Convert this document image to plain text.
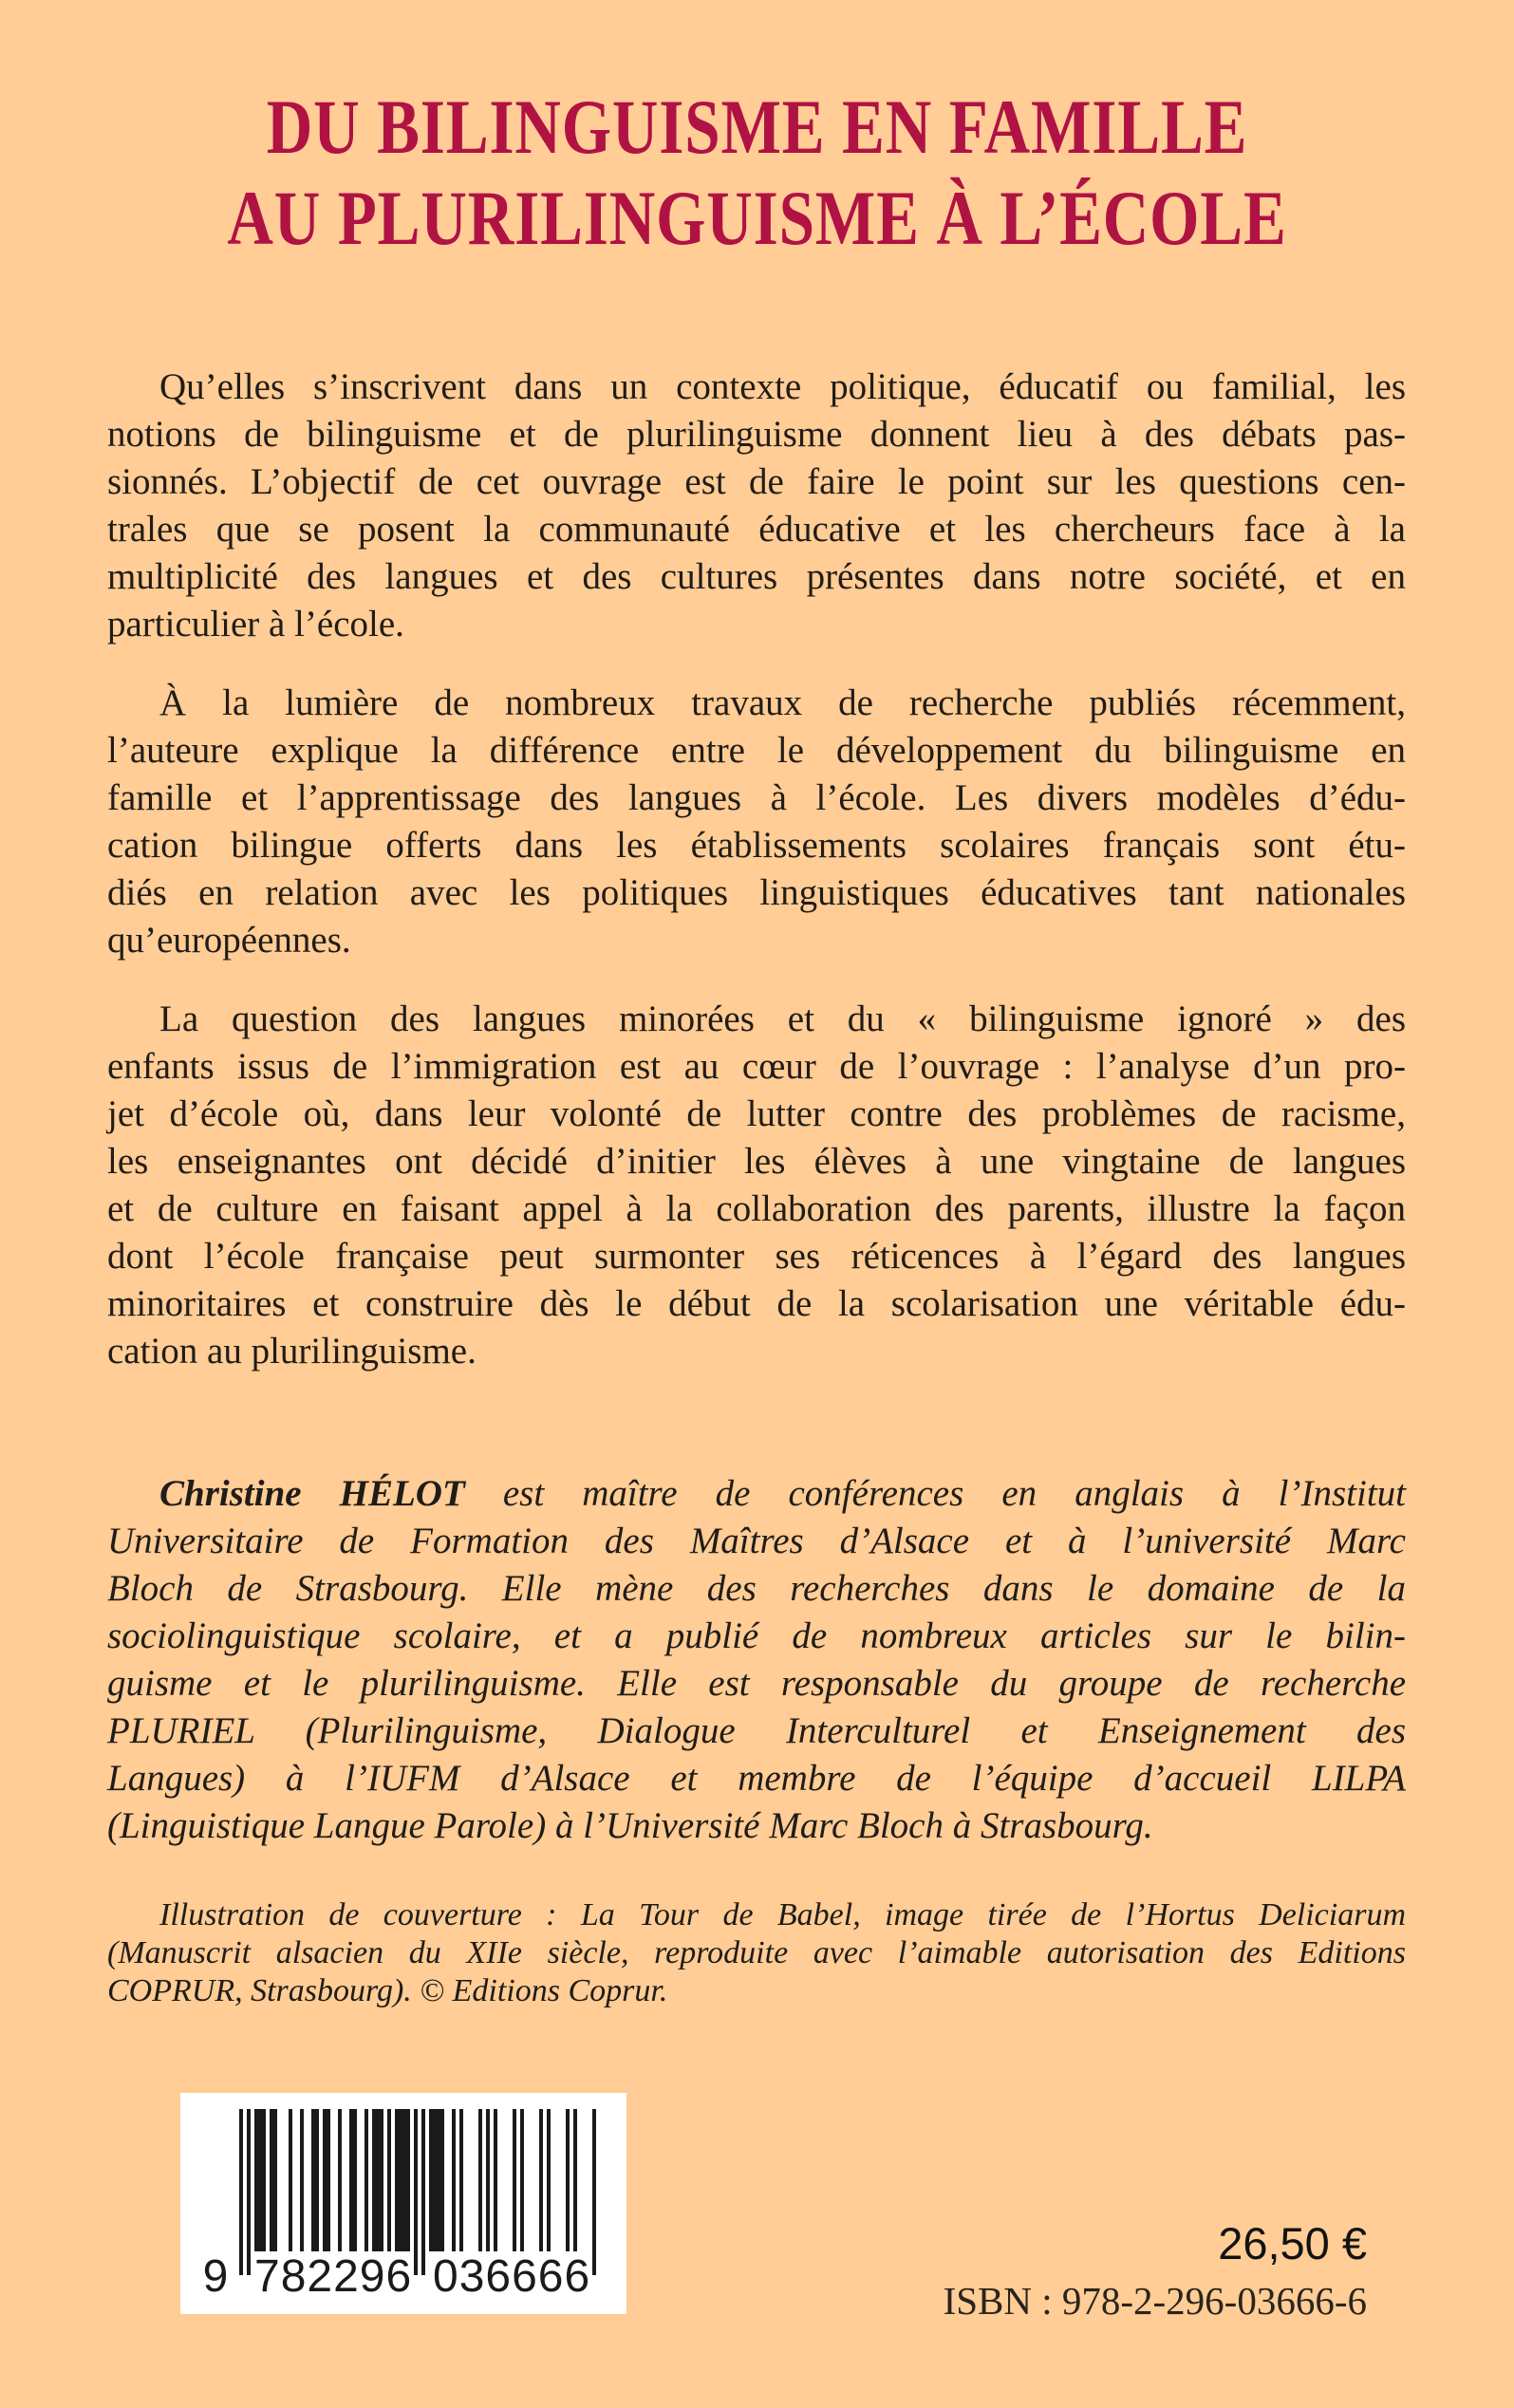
DU BILINGUISME EN FAMILLE
AU PLURILINGUISME À L’ÉCOLE
Qu’elles s’inscrivent dans un contexte politique, éducatif ou familial, les
notions de bilinguisme et de plurilinguisme donnent lieu à des débats pas-
sionnés. L’objectif de cet ouvrage est de faire le point sur les questions cen-
trales que se posent la communauté éducative et les chercheurs face à la
multiplicité des langues et des cultures présentes dans notre société, et en
particulier à l’école.
À la lumière de nombreux travaux de recherche publiés récemment,
l’auteure explique la différence entre le développement du bilinguisme en
famille et l’apprentissage des langues à l’école. Les divers modèles d’édu-
cation bilingue offerts dans les établissements scolaires français sont étu-
diés en relation avec les politiques linguistiques éducatives tant nationales
qu’européennes.
La question des langues minorées et du « bilinguisme ignoré » des
enfants issus de l’immigration est au cœur de l’ouvrage : l’analyse d’un pro-
jet d’école où, dans leur volonté de lutter contre des problèmes de racisme,
les enseignantes ont décidé d’initier les élèves à une vingtaine de langues
et de culture en faisant appel à la collaboration des parents, illustre la façon
dont l’école française peut surmonter ses réticences à l’égard des langues
minoritaires et construire dès le début de la scolarisation une véritable édu-
cation au plurilinguisme.
Christine HÉLOT est maître de conférences en anglais à l’Institut
Universitaire de Formation des Maîtres d’Alsace et à l’université Marc
Bloch de Strasbourg. Elle mène des recherches dans le domaine de la
sociolinguistique scolaire, et a publié de nombreux articles sur le bilin-
guisme et le plurilinguisme. Elle est responsable du groupe de recherche
PLURIEL (Plurilinguisme, Dialogue Interculturel et Enseignement des
Langues) à l’IUFM d’Alsace et membre de l’équipe d’accueil LILPA
(Linguistique Langue Parole) à l’Université Marc Bloch à Strasbourg.
Illustration de couverture : La Tour de Babel, image tirée de l’Hortus Deliciarum
(Manuscrit alsacien du XIIe siècle, reproduite avec l’aimable autorisation des Editions
COPRUR, Strasbourg). © Editions Coprur.
9 782296 036666
26,50 €
ISBN : 978-2-296-03666-6
